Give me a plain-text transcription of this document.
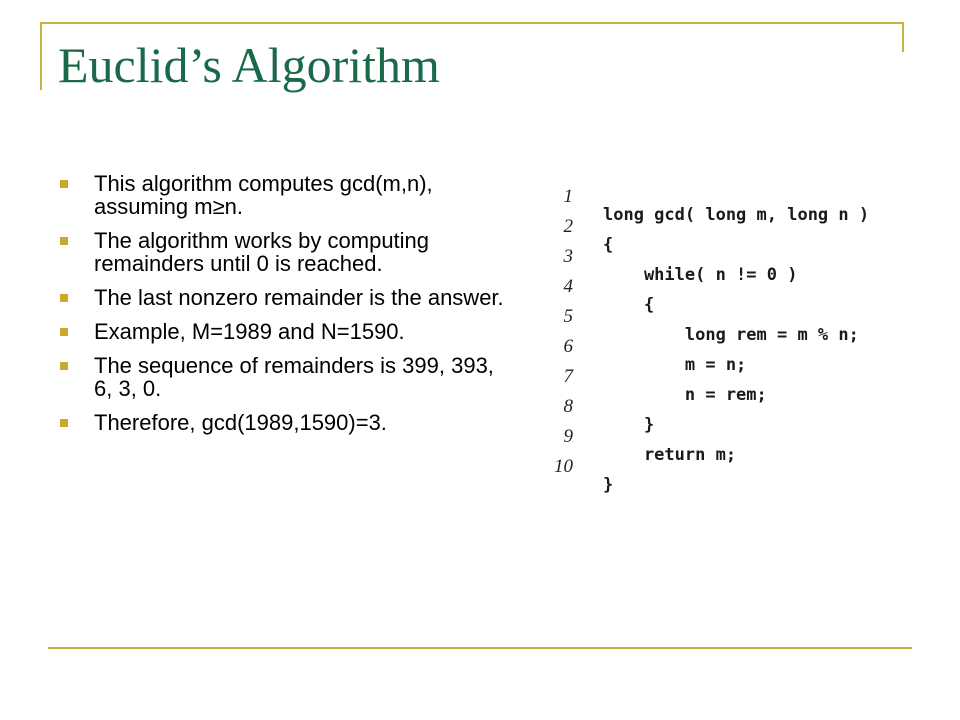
Euclid’s Algorithm
This algorithm computes gcd(m,n), assuming m≥n.
The algorithm works by computing remainders until 0 is reached.
The last nonzero remainder is the answer.
Example, M=1989 and N=1590.
The sequence of remainders is 399, 393, 6, 3, 0.
Therefore, gcd(1989,1590)=3.

1

long gcd( long m, long n )

2

{

3

while( n != 0 )

4

{

5

long rem = m % n;

6

m = n;

7

n = rem;

8

}

9

return m;

10

}
